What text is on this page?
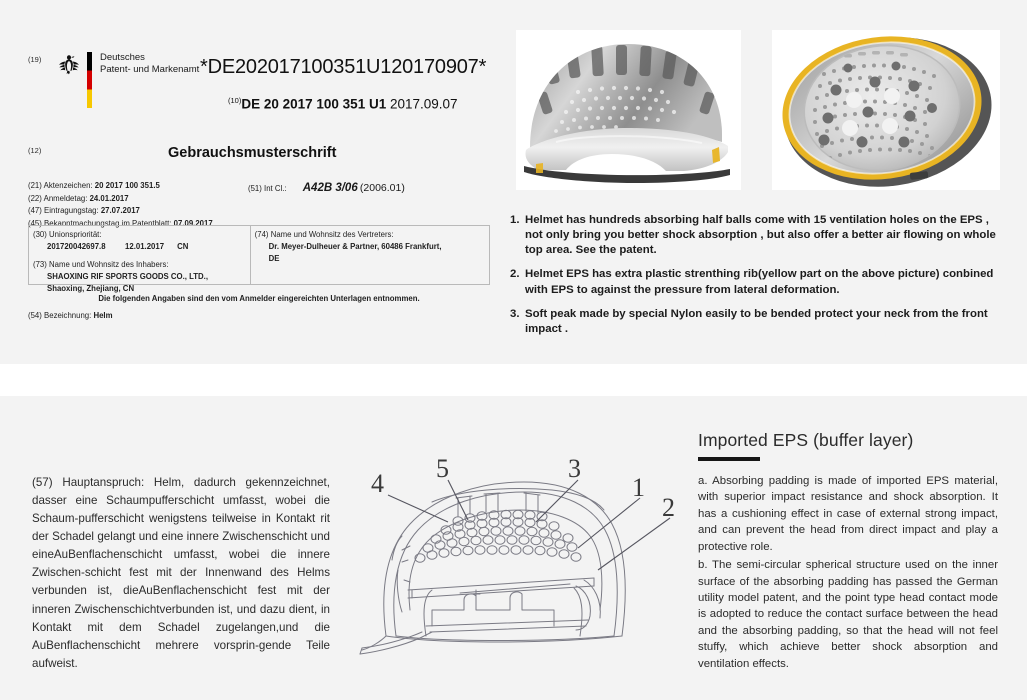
(19)	Deutsches
Patent- und Markenamt *DE202017100351U120170907*
$^{(10)}$DE 20 2017 100 351 U1 2017.09.07
(12)	Gebrauchsmusterschrift
(21) Aktenzeichen: 20 2017 100 351.5
(22) Anmeldetag: 24.01.2017
(47) Eintragungstag: 27.07.2017
(45) Bekanntmachungstag im Patentblatt: 07.09.2017
(51) Int Cl.: A42B 3/06 (2006.01)
(30) Unionspriorität:
201720042697.8	12.01.2017 CN
(73) Name und Wohnsitz des Inhabers:
SHAOXING RIF SPORTS GOODS CO., LTD.,
Shaoxing, Zhejiang, CN
(74) Name und Wohnsitz des Vertreters:
Dr. Meyer-Dulheuer & Partner, 60486 Frankfurt,
DE
Die folgenden Angaben sind den vom Anmelder eingereichten Unterlagen entnommen.
(54) Bezeichnung: Helm
1. Helmet has hundreds absorbing half balls come with 15 ventilation holes on the EPS , not only bring you better shock absorption , but also offer a better air flowing on whole top area. See the patent.
2. Helmet EPS has extra plastic strenthing rib(yellow part on the above picture) conbined with EPS to against the pressure from lateral deformation.
3. Soft peak made by special Nylon easily to be bended protect your neck from the front impact .
(57) Hauptanspruch: Helm, dadurch gekennzeichnet, dasser eine Schaumpufferschicht umfasst, wobei die Schaum-pufferschicht wenigstens teilweise in Kontakt rit der Schadel gelangt und eine innere Zwischenschicht und eineAuBenflachenschicht umfasst, wobei die innere Zwischen-schicht fest mit der Innenwand des Helms verbunden ist, dieAuBenflachenschicht fest mit der inneren Zwischenschichtverbunden ist, und dazu dient, in Kontakt mit dem Schadel zugelangen,und die AuBenflachenschicht mehrere vorsprin-gende Teile aufweist.
4
5	3
1
2
Imported EPS (buffer layer)

a. Absorbing padding is made of imported EPS material, with superior impact resistance and shock absorption. It has a cushioning effect in case of external strong impact, and can prevent the head from direct impact and play a protective role.

b. The semi-circular spherical structure used on the inner surface of the absorbing padding has passed the German utility model patent, and the point type head contact mode is adopted to reduce the contact surface between the head and the absorbing padding, so that the head will not feel stuffy, which achieve better shock absorption and ventilation effects.
